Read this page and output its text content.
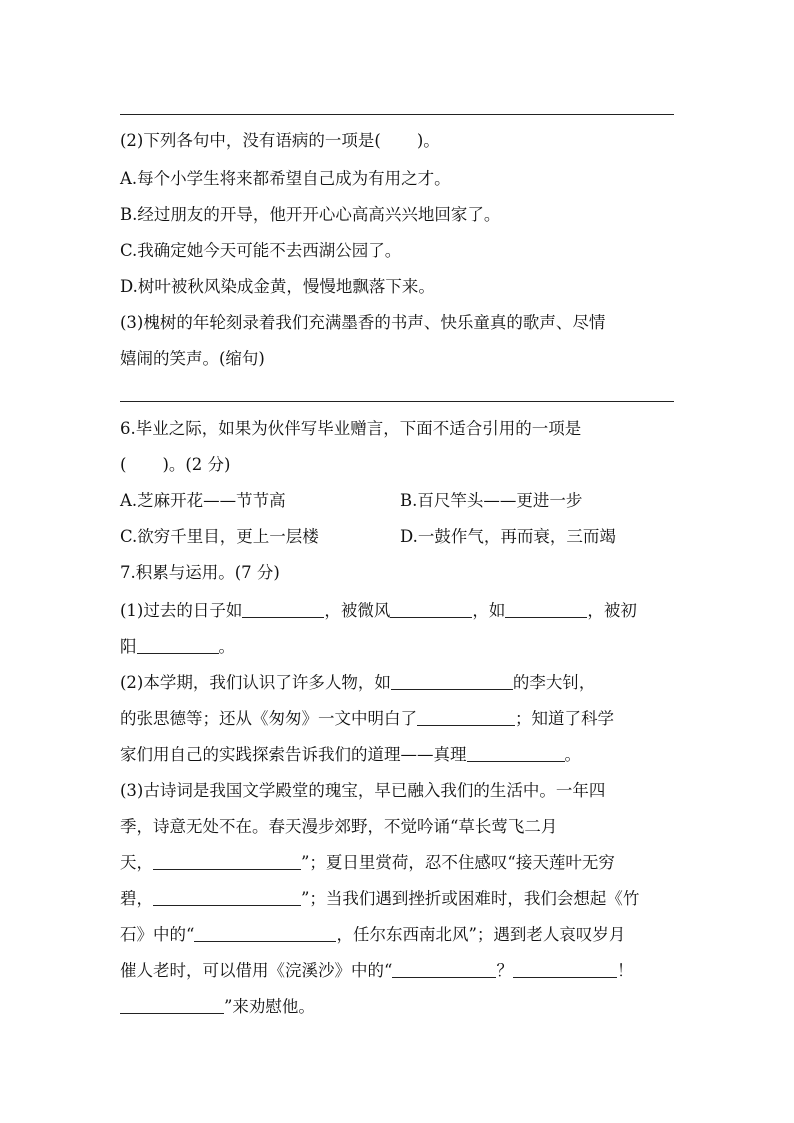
(2)下列各句中，没有语病的一项是( )。
A.每个小学生将来都希望自己成为有用之才。
B.经过朋友的开导，他开开心心高高兴兴地回家了。
C.我确定她今天可能不去西湖公园了。
D.树叶被秋风染成金黄，慢慢地飘落下来。
(3)槐树的年轮刻录着我们充满墨香的书声、快乐童真的歌声、尽情
嬉闹的笑声。(缩句)
6.毕业之际，如果为伙伴写毕业赠言，下面不适合引用的一项是
( )。(2 分)
A.芝麻开花——节节高	B.百尺竿头——更进一步
C.欲穷千里目，更上一层楼	D.一鼓作气，再而衰，三而竭
7.积累与运用。(7 分)
(1)过去的日子如	，被微风	，如	，被初
阳	。
(2)本学期，我们认识了许多人物，如	的李大钊，
的张思德等；还从《匆匆》一文中明白了	；知道了科学
家们用自己的实践探索告诉我们的道理——真理	。
(3)古诗词是我国文学殿堂的瑰宝，早已融入我们的生活中。一年四
季，诗意无处不在。春天漫步郊野，不觉吟诵“草长莺飞二月
天，	”；夏日里赏荷，忍不住感叹“接天莲叶无穷
碧，	”；当我们遇到挫折或困难时，我们会想起《竹
石》中的“	，任尔东西南北风”；遇到老人哀叹岁月
催人老时，可以借用《浣溪沙》中的“	？	！
”来劝慰他。
